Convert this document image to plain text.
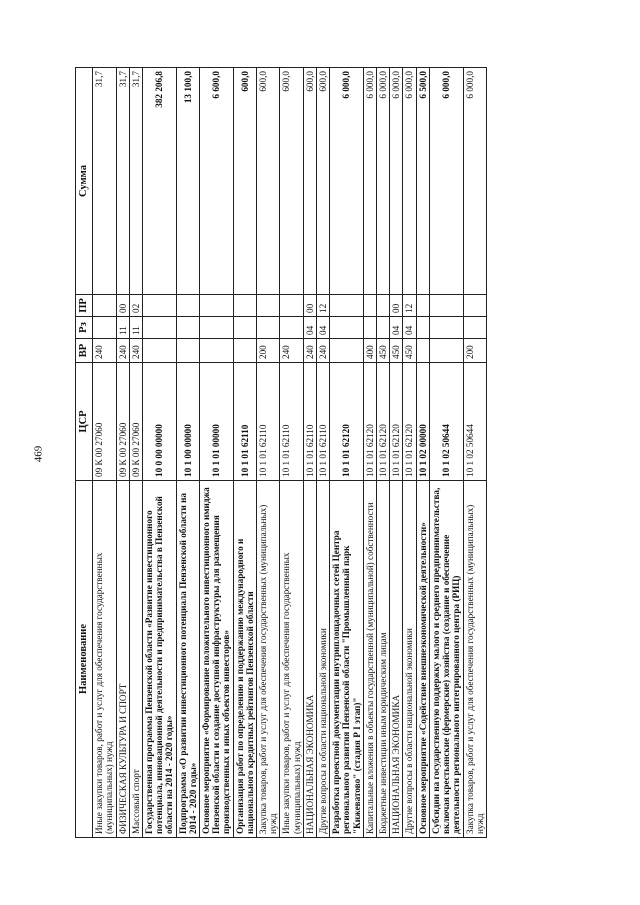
469
Наименование	ЦСР	ВР	Рз	ПР	Сумма
Иные закупки товаров, работ и услуг для обеспечения государственных (муниципальных) нужд	09 К 00 27060	240			31,7
ФИЗИЧЕСКАЯ КУЛЬТУРА И СПОРТ	09 К 00 27060	240	11	00	31,7
Массовый спорт	09 К 00 27060	240	11	02	31,7
Государственная программа Пензенской области «Развитие инвестиционного потенциала, инновационной деятельности и предпринимательства в Пензенской области на 2014 - 2020 годы»	10 0 00 00000				382 206,8
Подпрограмма «О развитии инвестиционного потенциала Пензенской области на 2014 - 2020 годы»	10 1 00 00000				13 100,0
Основное мероприятие «Формирование положительного инвестиционного имиджа Пензенской области и создание доступной инфраструктуры для размещения производственных и иных объектов инвесторов»	10 1 01 00000				6 600,0
Организация работ по определению и поддержанию международного и национального кредитных рейтингов Пензенской области	10 1 01 62110				600,0
Закупка товаров, работ и услуг для обеспечения государственных (муниципальных) нужд	10 1 01 62110	200			600,0
Иные закупки товаров, работ и услуг для обеспечения государственных (муниципальных) нужд	10 1 01 62110	240			600,0
НАЦИОНАЛЬНАЯ ЭКОНОМИКА	10 1 01 62110	240	04	00	600,0
Другие вопросы в области национальной экономики	10 1 01 62110	240	04	12	600,0
Разработка проектной документации внутриплощадочных сетей Центра регионального развития Пензенской области "Промышленный парк "Кижеватово" (стадия Р I этап)"	10 1 01 62120				6 000,0
Капитальные вложения в объекты государственной (муниципальной) собственности	10 1 01 62120	400			6 000,0
Бюджетные инвестиции иным юридическим лицам	10 1 01 62120	450			6 000,0
НАЦИОНАЛЬНАЯ ЭКОНОМИКА	10 1 01 62120	450	04	00	6 000,0
Другие вопросы в области национальной экономики	10 1 01 62120	450	04	12	6 000,0
Основное мероприятие «Содействие внешнеэкономической деятельности»	10 1 02 00000				6 500,0
Субсидии на государственную поддержку малого и среднего предпринимательства, включая крестьянские (фермерские) хозяйства (создание и обеспечение деятельности регионального интегрированного центра (РИЦ)	10 1 02 50644				6 000,0
Закупка товаров, работ и услуг для обеспечения государственных (муниципальных) нужд	10 1 02 50644	200			6 000,0
